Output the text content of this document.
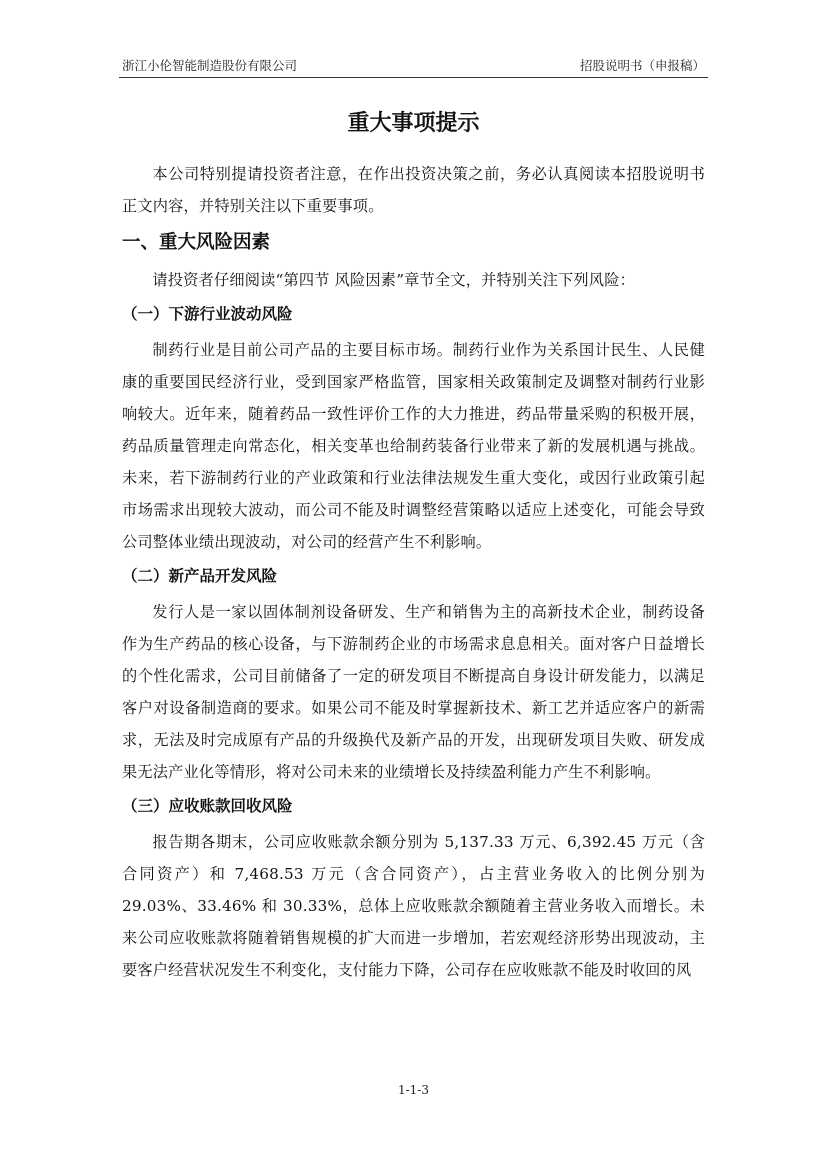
浙江小伦智能制造股份有限公司	招股说明书（申报稿）
重大事项提示

本公司特别提请投资者注意，在作出投资决策之前，务必认真阅读本招股说明书正文内容，并特别关注以下重要事项。

一、重大风险因素

请投资者仔细阅读“第四节 风险因素”章节全文，并特别关注下列风险：

（一）下游行业波动风险

制药行业是目前公司产品的主要目标市场。制药行业作为关系国计民生、人民健康的重要国民经济行业，受到国家严格监管，国家相关政策制定及调整对制药行业影响较大。近年来，随着药品一致性评价工作的大力推进，药品带量采购的积极开展，药品质量管理走向常态化，相关变革也给制药装备行业带来了新的发展机遇与挑战。未来，若下游制药行业的产业政策和行业法律法规发生重大变化，或因行业政策引起市场需求出现较大波动，而公司不能及时调整经营策略以适应上述变化，可能会导致公司整体业绩出现波动，对公司的经营产生不利影响。

（二）新产品开发风险

发行人是一家以固体制剂设备研发、生产和销售为主的高新技术企业，制药设备作为生产药品的核心设备，与下游制药企业的市场需求息息相关。面对客户日益增长的个性化需求，公司目前储备了一定的研发项目不断提高自身设计研发能力，以满足客户对设备制造商的要求。如果公司不能及时掌握新技术、新工艺并适应客户的新需求，无法及时完成原有产品的升级换代及新产品的开发，出现研发项目失败、研发成果无法产业化等情形，将对公司未来的业绩增长及持续盈利能力产生不利影响。

（三）应收账款回收风险

报告期各期末，公司应收账款余额分别为 5,137.33 万元、6,392.45 万元（含合同资产）和 7,468.53 万元（含合同资产），占主营业务收入的比例分别为 29.03%、33.46% 和 30.33%，总体上应收账款余额随着主营业务收入而增长。未来公司应收账款将随着销售规模的扩大而进一步增加，若宏观经济形势出现波动，主要客户经营状况发生不利变化，支付能力下降，公司存在应收账款不能及时收回的风

1-1-3
